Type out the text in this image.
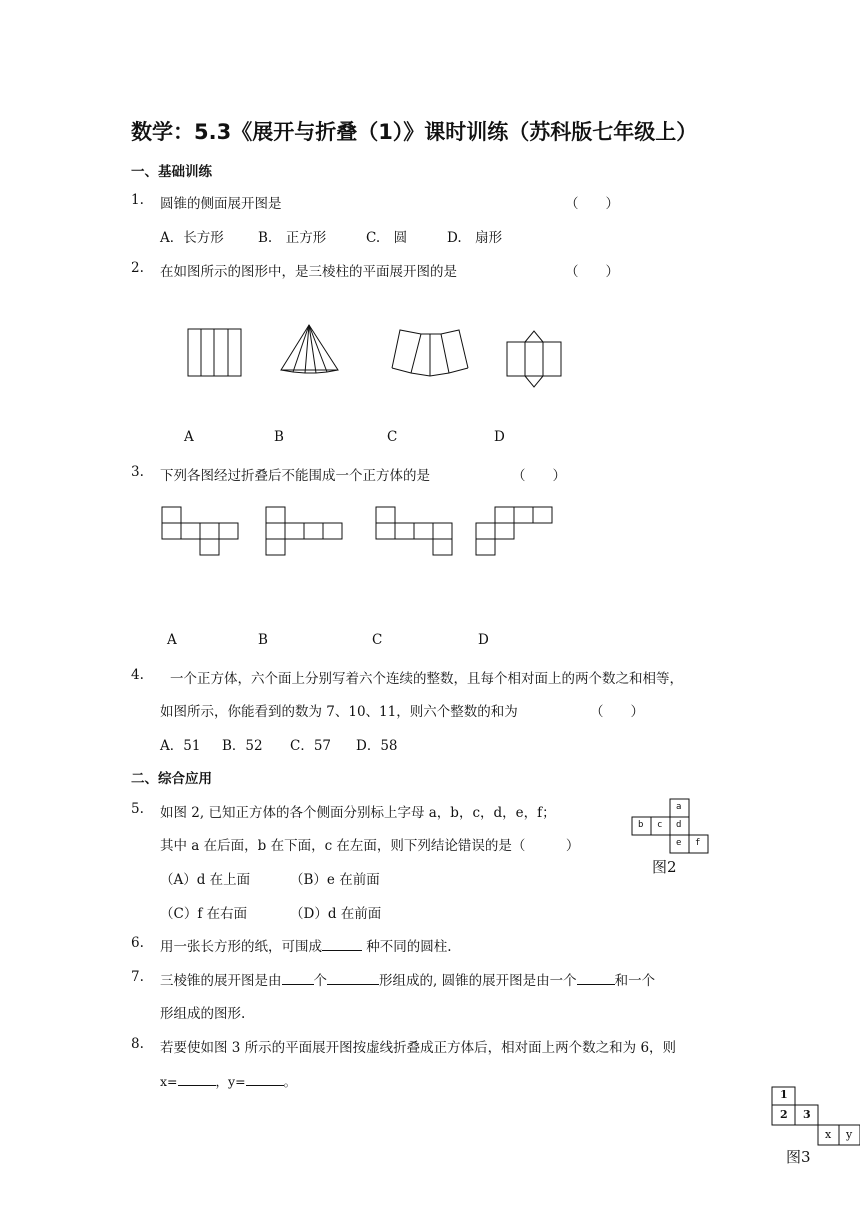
数学：5.3《展开与折叠（1）》课时训练（苏科版七年级上）
一、基础训练
1. 圆锥的侧面展开图是	（　　）
A．长方形	B.　正方形	C.　圆	D.　扇形
2. 在如图所示的图形中，是三棱柱的平面展开图的是	（　　）
A	B	C	D
3. 下列各图经过折叠后不能围成一个正方体的是	（　　）
A	B	C	D
4. 一个正方体，六个面上分别写着六个连续的整数，且每个相对面上的两个数之和相等，
如图所示，你能看到的数为 7、10、11，则六个整数的和为	（　　）
A．51 B．52 C．57 D．58
二、综合应用
5. 如图 2, 已知正方体的各个侧面分别标上字母 a，b，c，d，e，f；
其中 a 在后面，b 在下面，c 在左面，则下列结论错误的是（　　　）
（A）d 在上面	（B）e 在前面
（C）f 在右面	（D）d 在前面
a
b c d
e f
图2
6. 用一张长方形的纸，可围成	种不同的圆柱.
7. 三棱锥的展开图是由 个	形组成的, 圆锥的展开图是由一个	和一个
形组成的图形.
8. 若要使如图 3 所示的平面展开图按虚线折叠成正方体后，相对面上两个数之和为 6，则
x=	，y=	。
1
2 3
x y
图3
